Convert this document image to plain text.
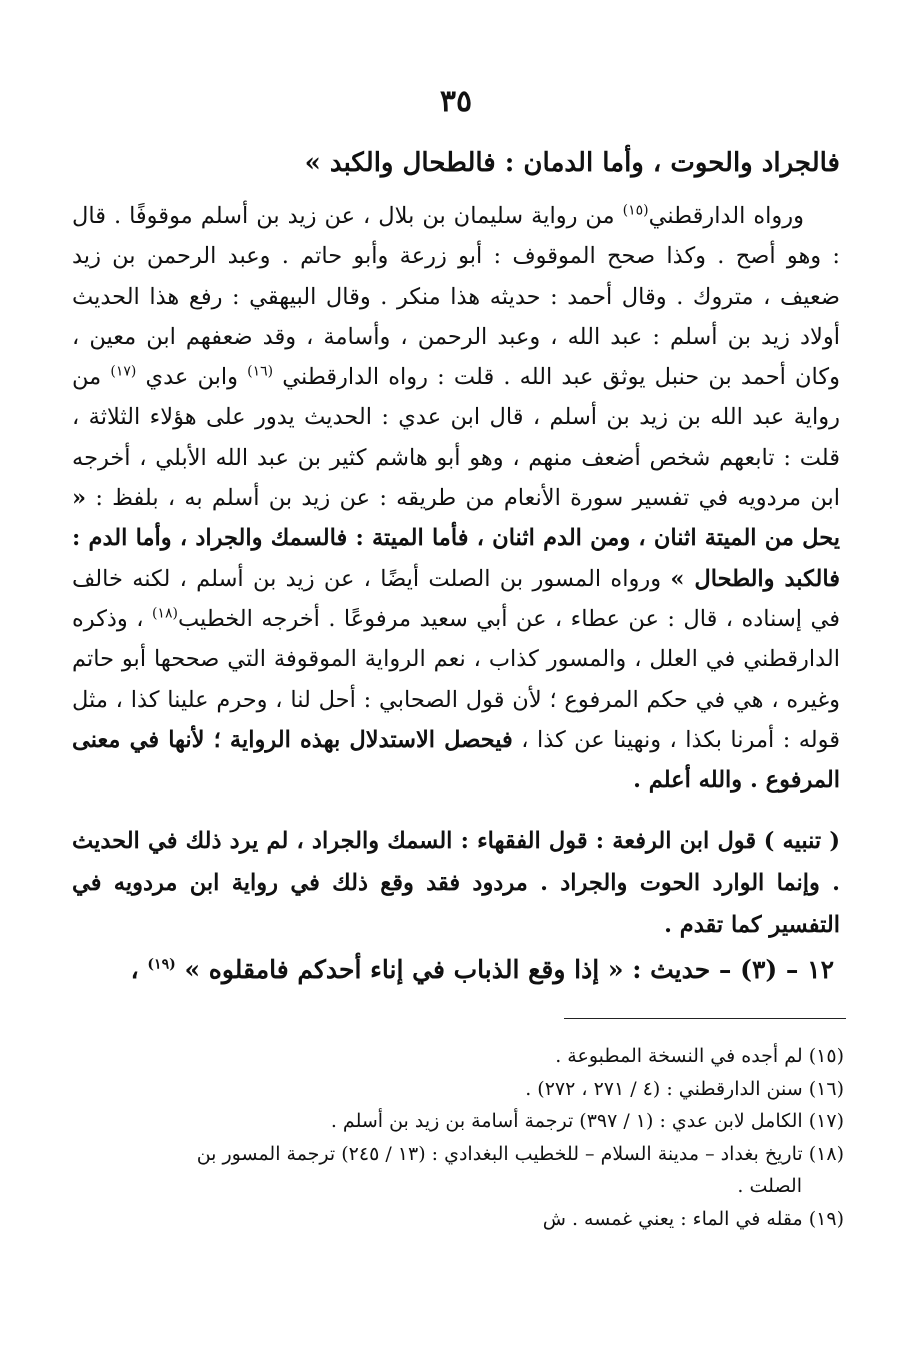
٣٥
فالجراد والحوت ، وأما الدمان : فالطحال والكبد »

ورواه الدارقطني$^{(١٥)}$ من رواية سليمان بن بلال ، عن زيد بن أسلم موقوفًا . قال : وهو أصح . وكذا صحح الموقوف : أبو زرعة وأبو حاتم . وعبد الرحمن بن زيد ضعيف ، متروك . وقال أحمد : حديثه هذا منكر . وقال البيهقي : رفع هذا الحديث أولاد زيد بن أسلم : عبد الله ، وعبد الرحمن ، وأسامة ، وقد ضعفهم ابن معين ، وكان أحمد بن حنبل يوثق عبد الله . قلت : رواه الدارقطني $^{(١٦)}$ وابن عدي $^{(١٧)}$ من رواية عبد الله بن زيد بن أسلم ، قال ابن عدي : الحديث يدور على هؤلاء الثلاثة ، قلت : تابعهم شخص أضعف منهم ، وهو أبو هاشم كثير بن عبد الله الأبلي ، أخرجه ابن مردويه في تفسير سورة الأنعام من طريقه : عن زيد بن أسلم به ، بلفظ : « يحل من الميتة اثنان ، ومن الدم اثنان ، فأما الميتة : فالسمك والجراد ، وأما الدم : فالكبد والطحال » ورواه المسور بن الصلت أيضًا ، عن زيد بن أسلم ، لكنه خالف في إسناده ، قال : عن عطاء ، عن أبي سعيد مرفوعًا . أخرجه الخطيب$^{(١٨)}$ ، وذكره الدارقطني في العلل ، والمسور كذاب ، نعم الرواية الموقوفة التي صححها أبو حاتم وغيره ، هي في حكم المرفوع ؛ لأن قول الصحابي : أحل لنا ، وحرم علينا كذا ، مثل قوله : أمرنا بكذا ، ونهينا عن كذا ، فيحصل الاستدلال بهذه الرواية ؛ لأنها في معنى المرفوع . والله أعلم .

( تنبيه ) قول ابن الرفعة : قول الفقهاء : السمك والجراد ، لم يرد ذلك في الحديث . وإنما الوارد الحوت والجراد . مردود فقد وقع ذلك في رواية ابن مردويه في التفسير كما تقدم .

١٢ – (٣) – حديث : « إذا وقع الذباب في إناء أحدكم فامقلوه » $^{(١٩)}$ ،

(١٥) لم أجده في النسخة المطبوعة .

(١٦) سنن الدارقطني : (٤ / ٢٧١ ، ٢٧٢) .

(١٧) الكامل لابن عدي : (١ / ٣٩٧) ترجمة أسامة بن زيد بن أسلم .

(١٨) تاريخ بغداد – مدينة السلام – للخطيب البغدادي : (١٣ / ٢٤٥) ترجمة المسور بن
الصلت .

(١٩) مقله في الماء : يعني غمسه . ش
